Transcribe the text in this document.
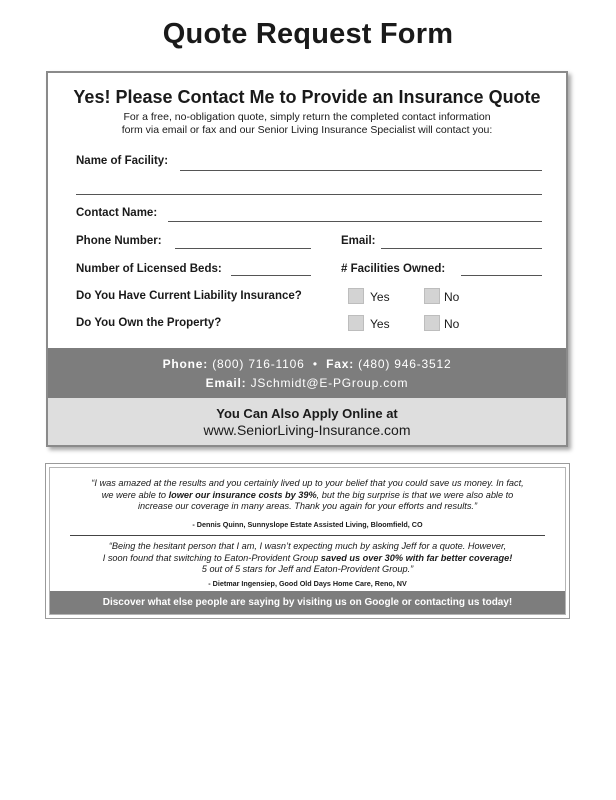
Quote Request Form
Yes! Please Contact Me to Provide an Insurance Quote
For a free, no-obligation quote, simply return the completed contact information
form via email or fax and our Senior Living Insurance Specialist will contact you:
Name of Facility:
Contact Name:
Phone Number:	Email:
Number of Licensed Beds:	# Facilities Owned:
Do You Have Current Liability Insurance?	Yes	No
Do You Own the Property?	Yes	No
Phone: (800) 716-1106 • Fax: (480) 946-3512
Email: JSchmidt@E-PGroup.com
You Can Also Apply Online at
www.SeniorLiving-Insurance.com
“I was amazed at the results and you certainly lived up to your belief that you could save us money. In fact,
we were able to lower our insurance costs by 39%, but the big surprise is that we were also able to
increase our coverage in many areas. Thank you again for your efforts and results.”
- Dennis Quinn, Sunnyslope Estate Assisted Living, Bloomfield, CO
“Being the hesitant person that I am, I wasn’t expecting much by asking Jeff for a quote. However,
I soon found that switching to Eaton-Provident Group saved us over 30% with far better coverage!
5 out of 5 stars for Jeff and Eaton-Provident Group.”
- Dietmar Ingensiep, Good Old Days Home Care, Reno, NV
Discover what else people are saying by visiting us on Google or contacting us today!
